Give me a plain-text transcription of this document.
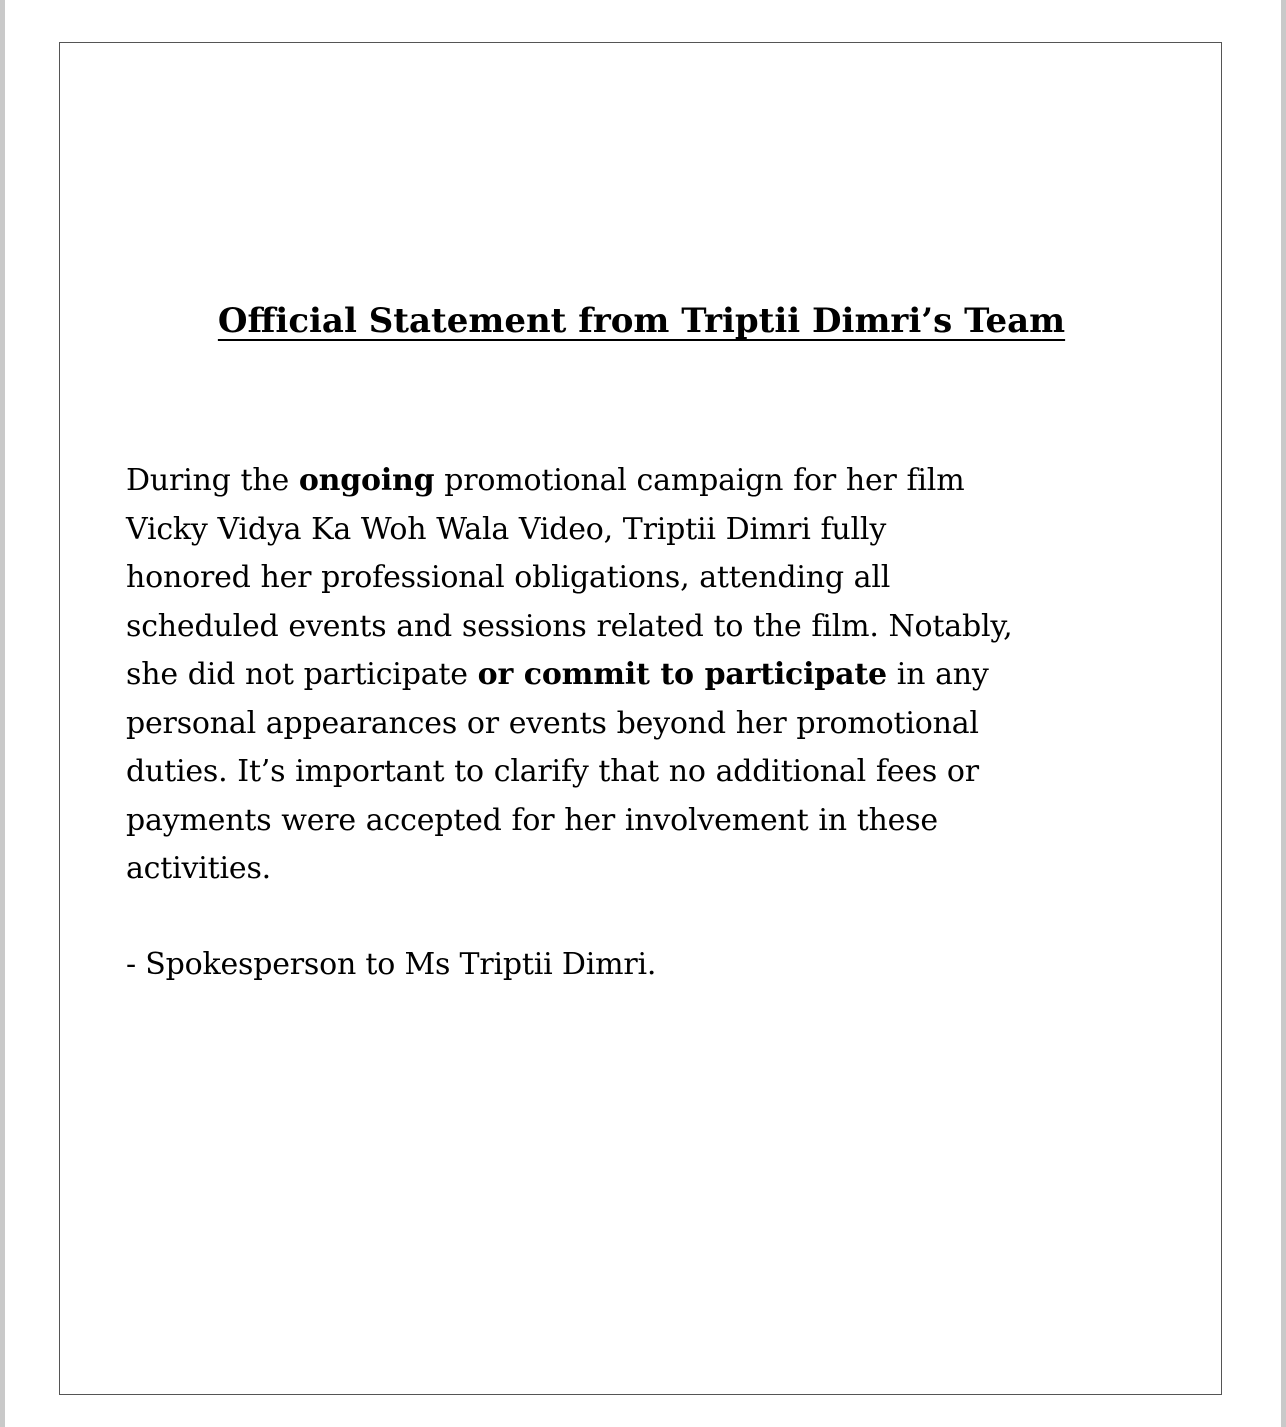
Official Statement from Triptii Dimri’s Team

During the ongoing promotional campaign for her film
Vicky Vidya Ka Woh Wala Video, Triptii Dimri fully
honored her professional obligations, attending all
scheduled events and sessions related to the film. Notably,
she did not participate or commit to participate in any
personal appearances or events beyond her promotional
duties. It’s important to clarify that no additional fees or
payments were accepted for her involvement in these
activities.

- Spokesperson to Ms Triptii Dimri.
